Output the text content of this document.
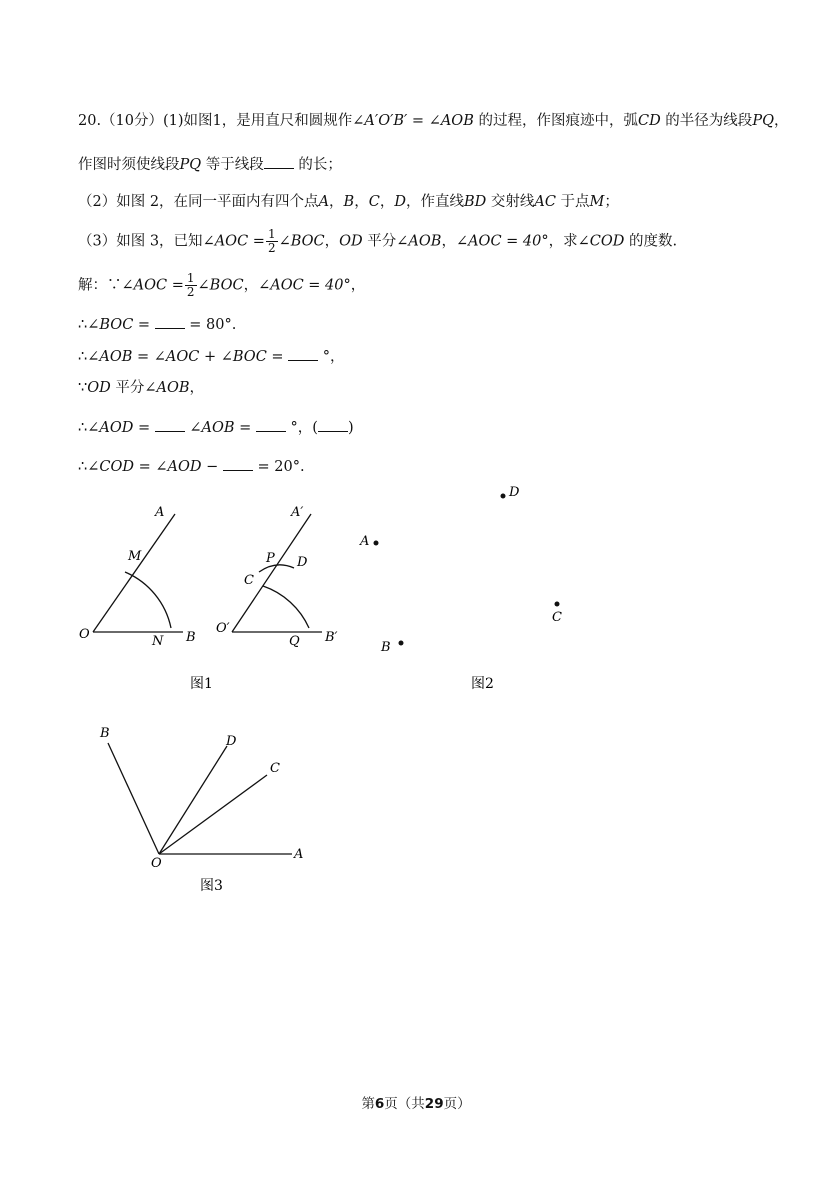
20.（10分）(1)如图1，是用直尺和圆规作∠A′O′B′ = ∠AOB 的过程，作图痕迹中，弧CD 的半径为线段PQ，
作图时须使线段PQ 等于线段 的长；
（2）如图 2，在同一平面内有四个点A，B，C，D，作直线BD 交射线AC 于点M；
（3）如图 3，已知∠AOC = $\frac{1}{2}$ ∠BOC，OD 平分∠AOB，∠AOC = 40°，求∠COD 的度数.
解：∵∠AOC = $\frac{1}{2}$ ∠BOC，∠AOC = 40°，
∴∠BOC =	= 80°.
∴∠AOB = ∠AOC + ∠BOC =	°，
∵OD 平分∠AOB，
∴∠AOD =	∠AOB =	°，( )
∴∠COD = ∠AOD −	= 20°.
A
M
O	N B
A′
P D
C
O′
Q B′
图1
D
A
C
B
图2
B
D
C
O
A
图3
第6页（共29页）
